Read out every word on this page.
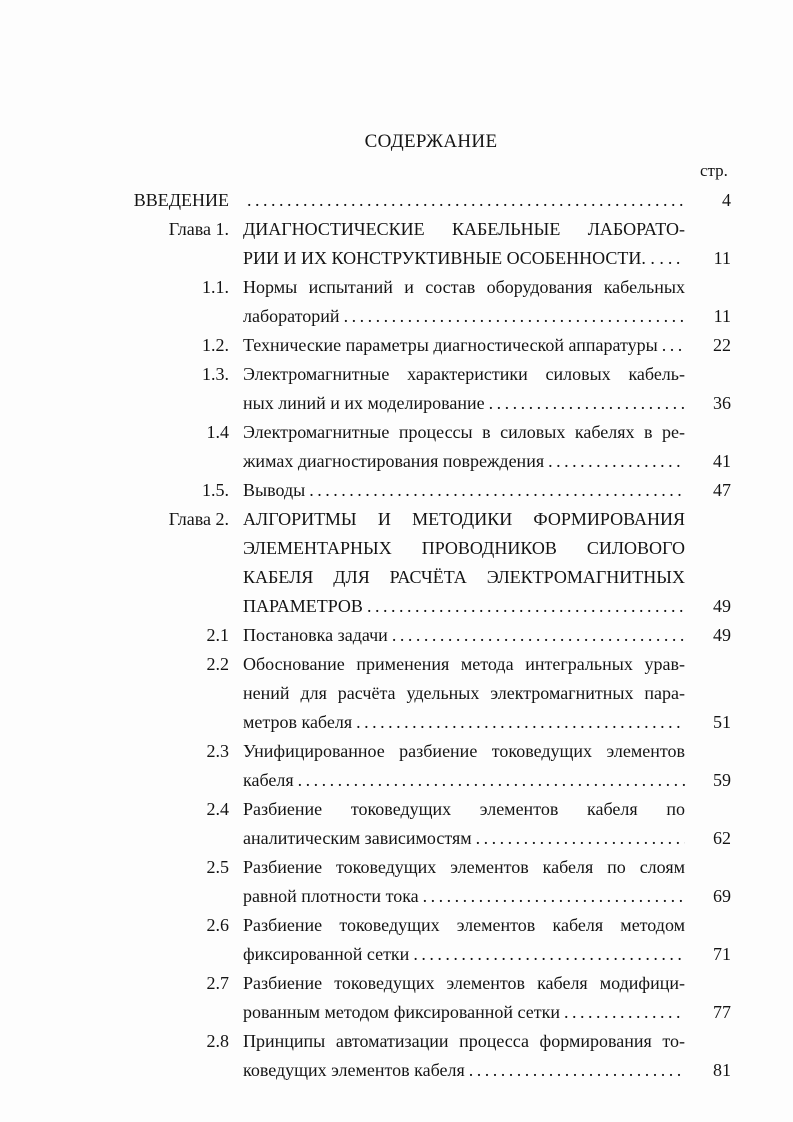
СОДЕРЖАНИЕ
стр.
ВВЕДЕНИЕ . . .	4
Глава 1. ДИАГНОСТИЧЕСКИЕ КАБЕЛЬНЫЕ ЛАБОРАТО-
РИИ И ИХ КОНСТРУКТИВНЫЕ ОСОБЕННОСТИ. . . . . .	11
1.1. Нормы испытаний и состав оборудования кабельных
лабораторий . . .	11
1.2. Технические параметры диагностической аппаратуры . . .	22
1.3. Электромагнитные характеристики силовых кабель-
ных линий и их моделирование . . .	36
1.4 Электромагнитные процессы в силовых кабелях в ре-
жимах диагностирования повреждения . . .	41
1.5. Выводы . . .	47
Глава 2. АЛГОРИТМЫ И МЕТОДИКИ ФОРМИРОВАНИЯ
ЭЛЕМЕНТАРНЫХ ПРОВОДНИКОВ СИЛОВОГО
КАБЕЛЯ ДЛЯ РАСЧЁТА ЭЛЕКТРОМАГНИТНЫХ
ПАРАМЕТРОВ . . .	49
2.1 Постановка задачи . . .	49
2.2 Обоснование применения метода интегральных урав-
нений для расчёта удельных электромагнитных пара-
метров кабеля . . .	51
2.3 Унифицированное разбиение токоведущих элементов
кабеля . . .	59
2.4 Разбиение токоведущих элементов кабеля по
аналитическим зависимостям . . .	62
2.5 Разбиение токоведущих элементов кабеля по слоям
равной плотности тока . . .	69
2.6 Разбиение токоведущих элементов кабеля методом
фиксированной сетки . . .	71
2.7 Разбиение токоведущих элементов кабеля модифици-
рованным методом фиксированной сетки . . .	77
2.8 Принципы автоматизации процесса формирования то-
коведущих элементов кабеля . . .	81
